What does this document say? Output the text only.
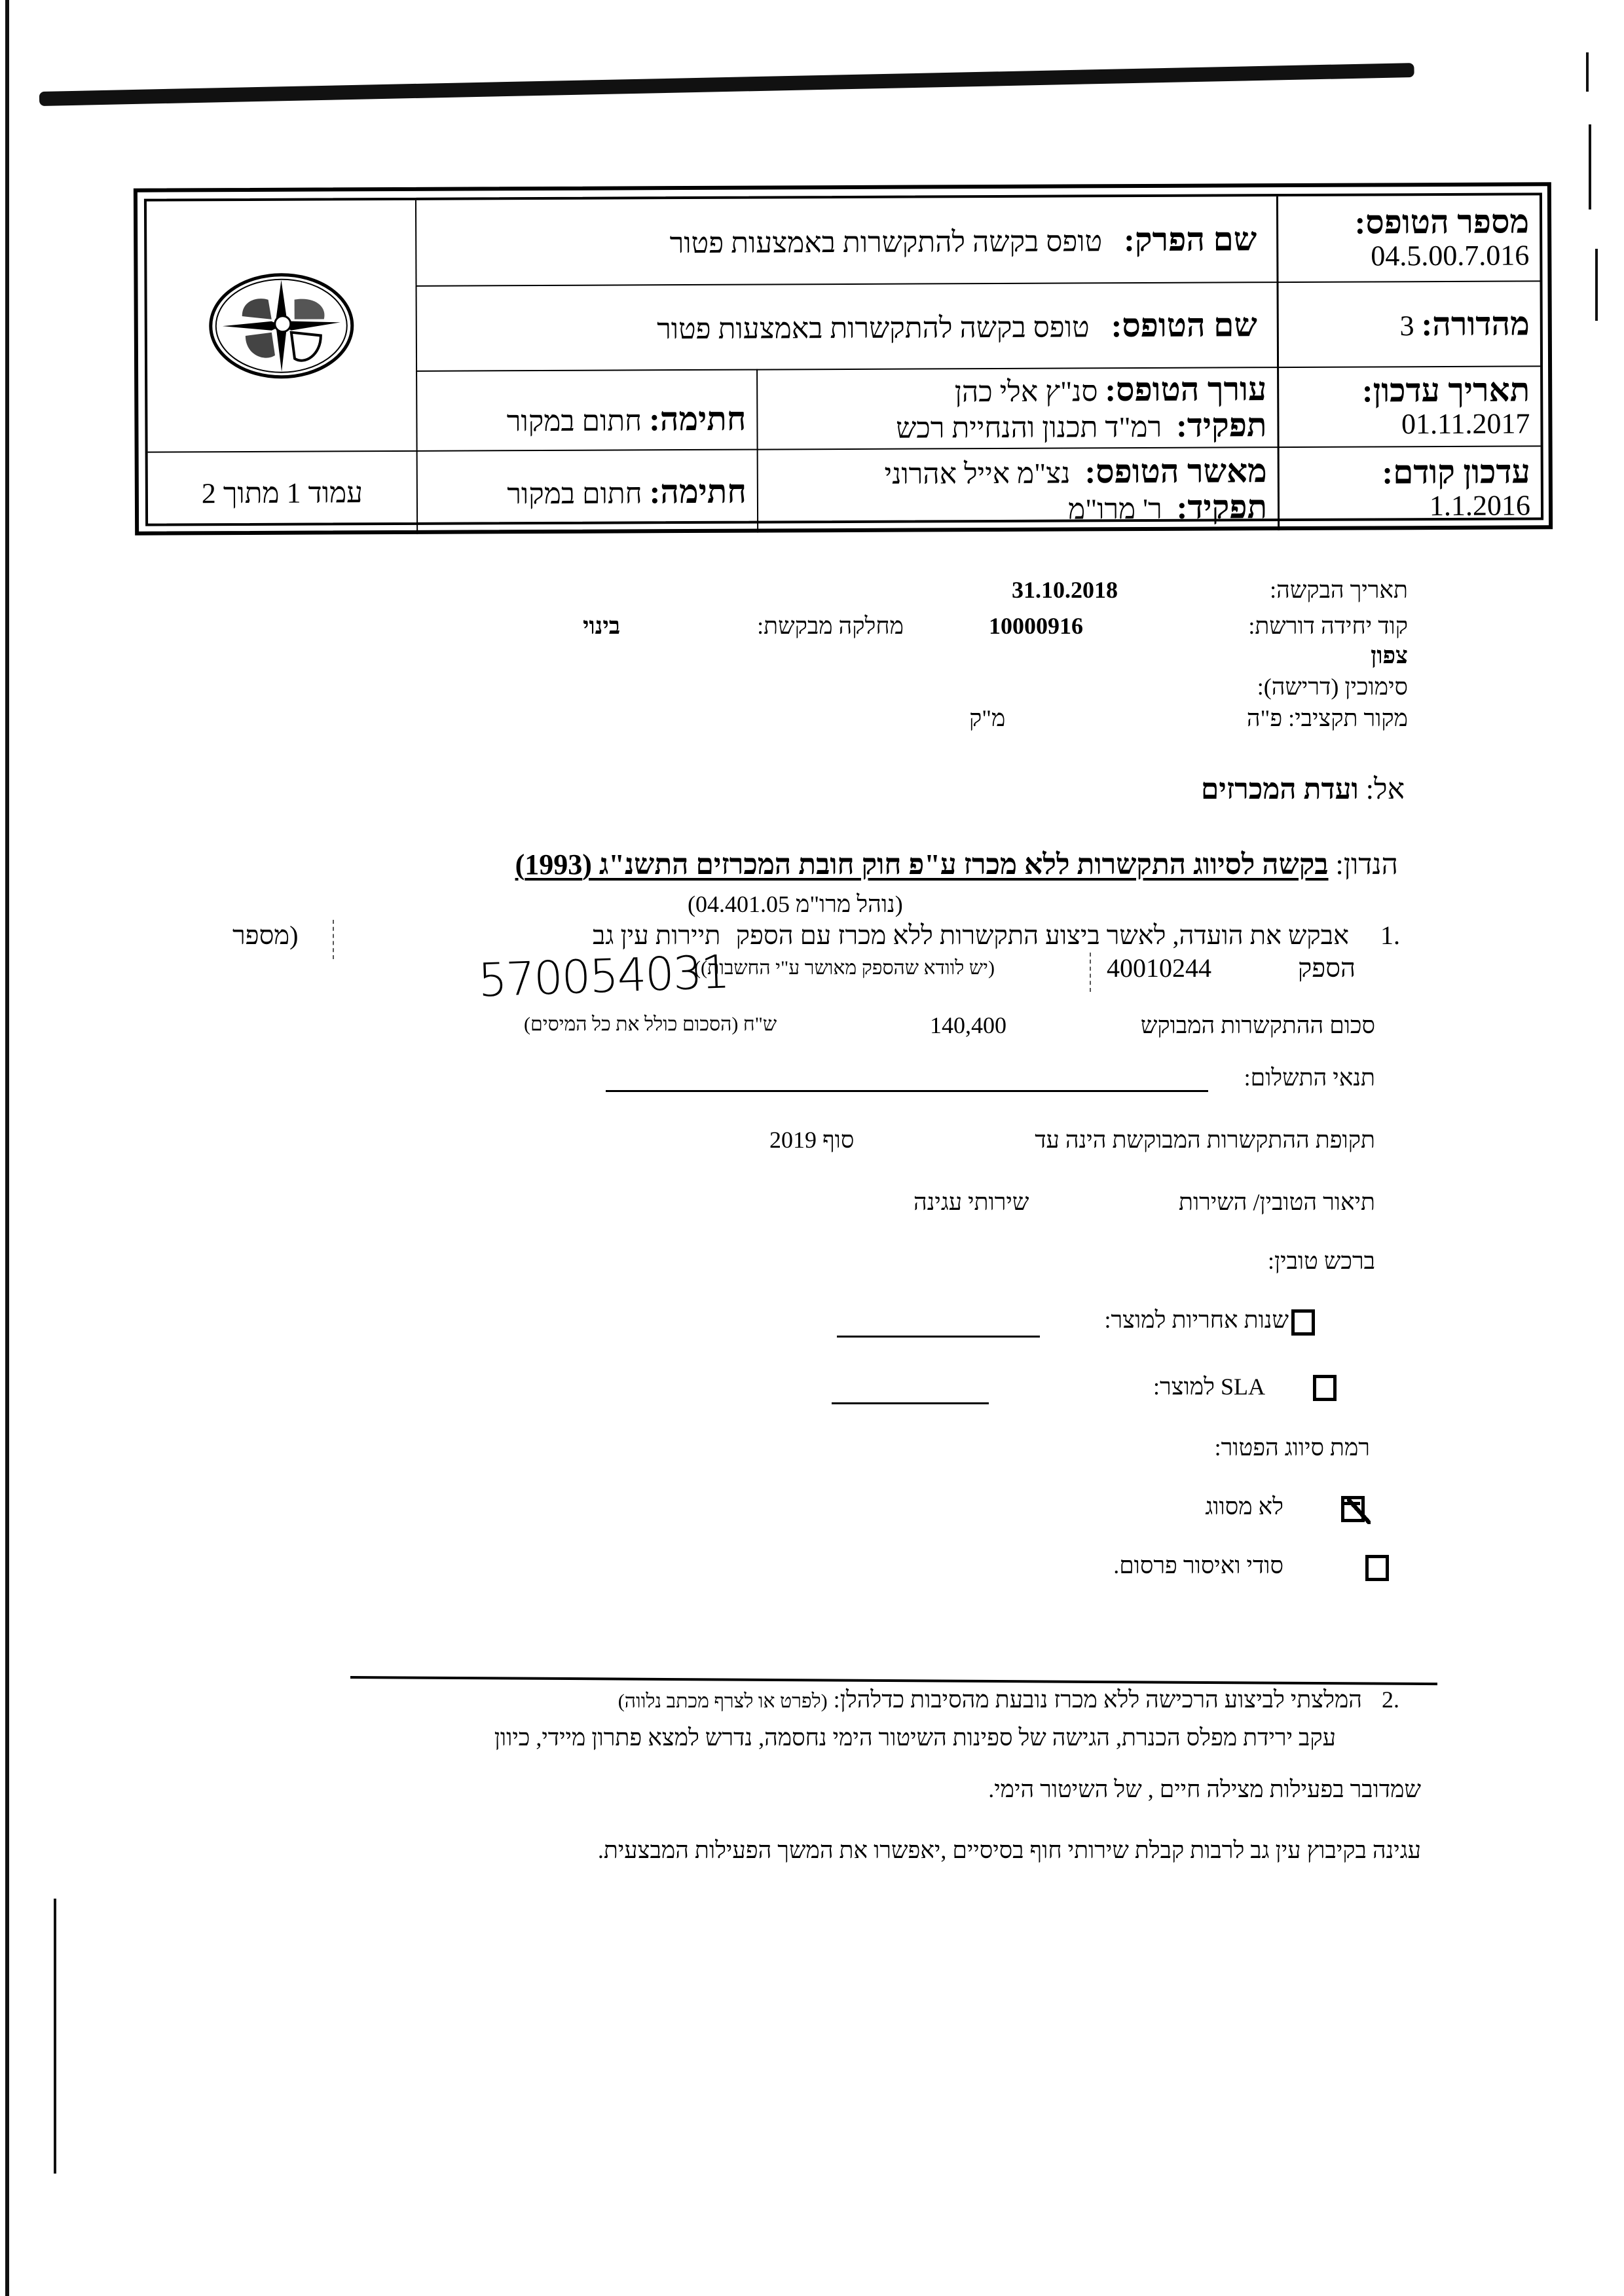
עמוד 1 מתוך 2
שם הפרק:   טופס בקשה להתקשרות באמצעות פטור
שם הטופס:   טופס בקשה להתקשרות באמצעות פטור
עורך הטופס: סנ"ץ אלי כהן
תפקיד:  רמ"ד תכנון והנחיית רכש
חתימה: חתום במקור
מאשר הטופס:  נצ"מ אייל אהרוני
תפקיד:  ר' מרו"מ
חתימה: חתום במקור
מספר הטופס:
04.5.00.7.016
מהדורה: 3
תאריך עדכון:
01.11.2017
עדכון קודם:
1.1.2016
תאריך הבקשה:
31.10.2018
קוד יחידה דורשת:
10000916
מחלקה מבקשת:
בינוי
צפון
סימוכין (דרישה):
מקור תקציבי: פ"ה
מ"ק
אל: ועדת המכרזים
הנדון: בקשה לסיווג התקשרות ללא מכרז ע"פ חוק חובת המכרזים התשנ"ג (1993)
(נוהל מרו"מ 04.401.05)
1.
אבקש את הועדה, לאשר ביצוע התקשרות ללא מכרז עם הספק
תיירות עין גב
(מספר
הספק
40010244
(יש לוודא שהספק מאושר ע"י החשבות))
570054031
סכום ההתקשרות המבוקש
140,400
ש"ח (הסכום כולל את כל המיסים)
תנאי התשלום:
תקופת ההתקשרות המבוקשת הינה עד
סוף 2019
תיאור הטובין/ השירות
שירותי עגינה
ברכש טובין:

שנות אחריות למוצר:

SLA למוצר:
רמת סיווג הפטור:

לא מסווג
סודי ואיסור פרסום.
2.
המלצתי לביצוע הרכישה ללא מכרז נובעת מהסיבות כדלהלן: (לפרט או לצרף מכתב נלווה)
עקב ירידת מפלס הכנרת, הגישה של ספינות השיטור הימי נחסמה, נדרש למצא פתרון מיידי, כיוון
שמדובר בפעילות מצילה חיים , של השיטור הימי.
עגינה בקיבוץ עין גב לרבות קבלת שירותי חוף בסיסיים ,יאפשרו את המשך הפעילות המבצעית.
